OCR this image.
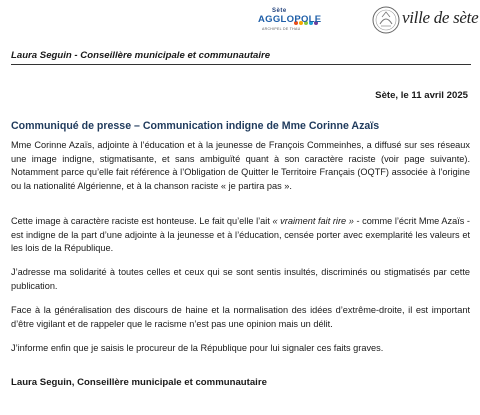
Sète
AGGLOPOLE
ARCHIPEL DE THAU
ville de sète
Laura Seguin - Conseillère municipale et communautaire
Sète, le 11 avril 2025
Communiqué de presse – Communication indigne de Mme Corinne Azaïs

Mme Corinne Azaïs, adjointe à l’éducation et à la jeunesse de François Commeinhes, a diffusé sur ses réseaux une image indigne, stigmatisante, et sans ambiguïté quant à son caractère raciste (voir page suivante). Notamment parce qu’elle fait référence à l’Obligation de Quitter le Territoire Français (OQTF) associée à l’origine ou la nationalité Algérienne, et à la chanson raciste « je partira pas ».

Cette image à caractère raciste est honteuse. Le fait qu’elle l’ait « vraiment fait rire » - comme l’écrit Mme Azaïs - est indigne de la part d’une adjointe à la jeunesse et à l’éducation, censée porter avec exemplarité les valeurs et les lois de la République.

J’adresse ma solidarité à toutes celles et ceux qui se sont sentis insultés, discriminés ou stigmatisés par cette publication.

Face à la généralisation des discours de haine et la normalisation des idées d’extrême-droite, il est important d’être vigilant et de rappeler que le racisme n’est pas une opinion mais un délit.

J’informe enfin que je saisis le procureur de la République pour lui signaler ces faits graves.

Laura Seguin, Conseillère municipale et communautaire
